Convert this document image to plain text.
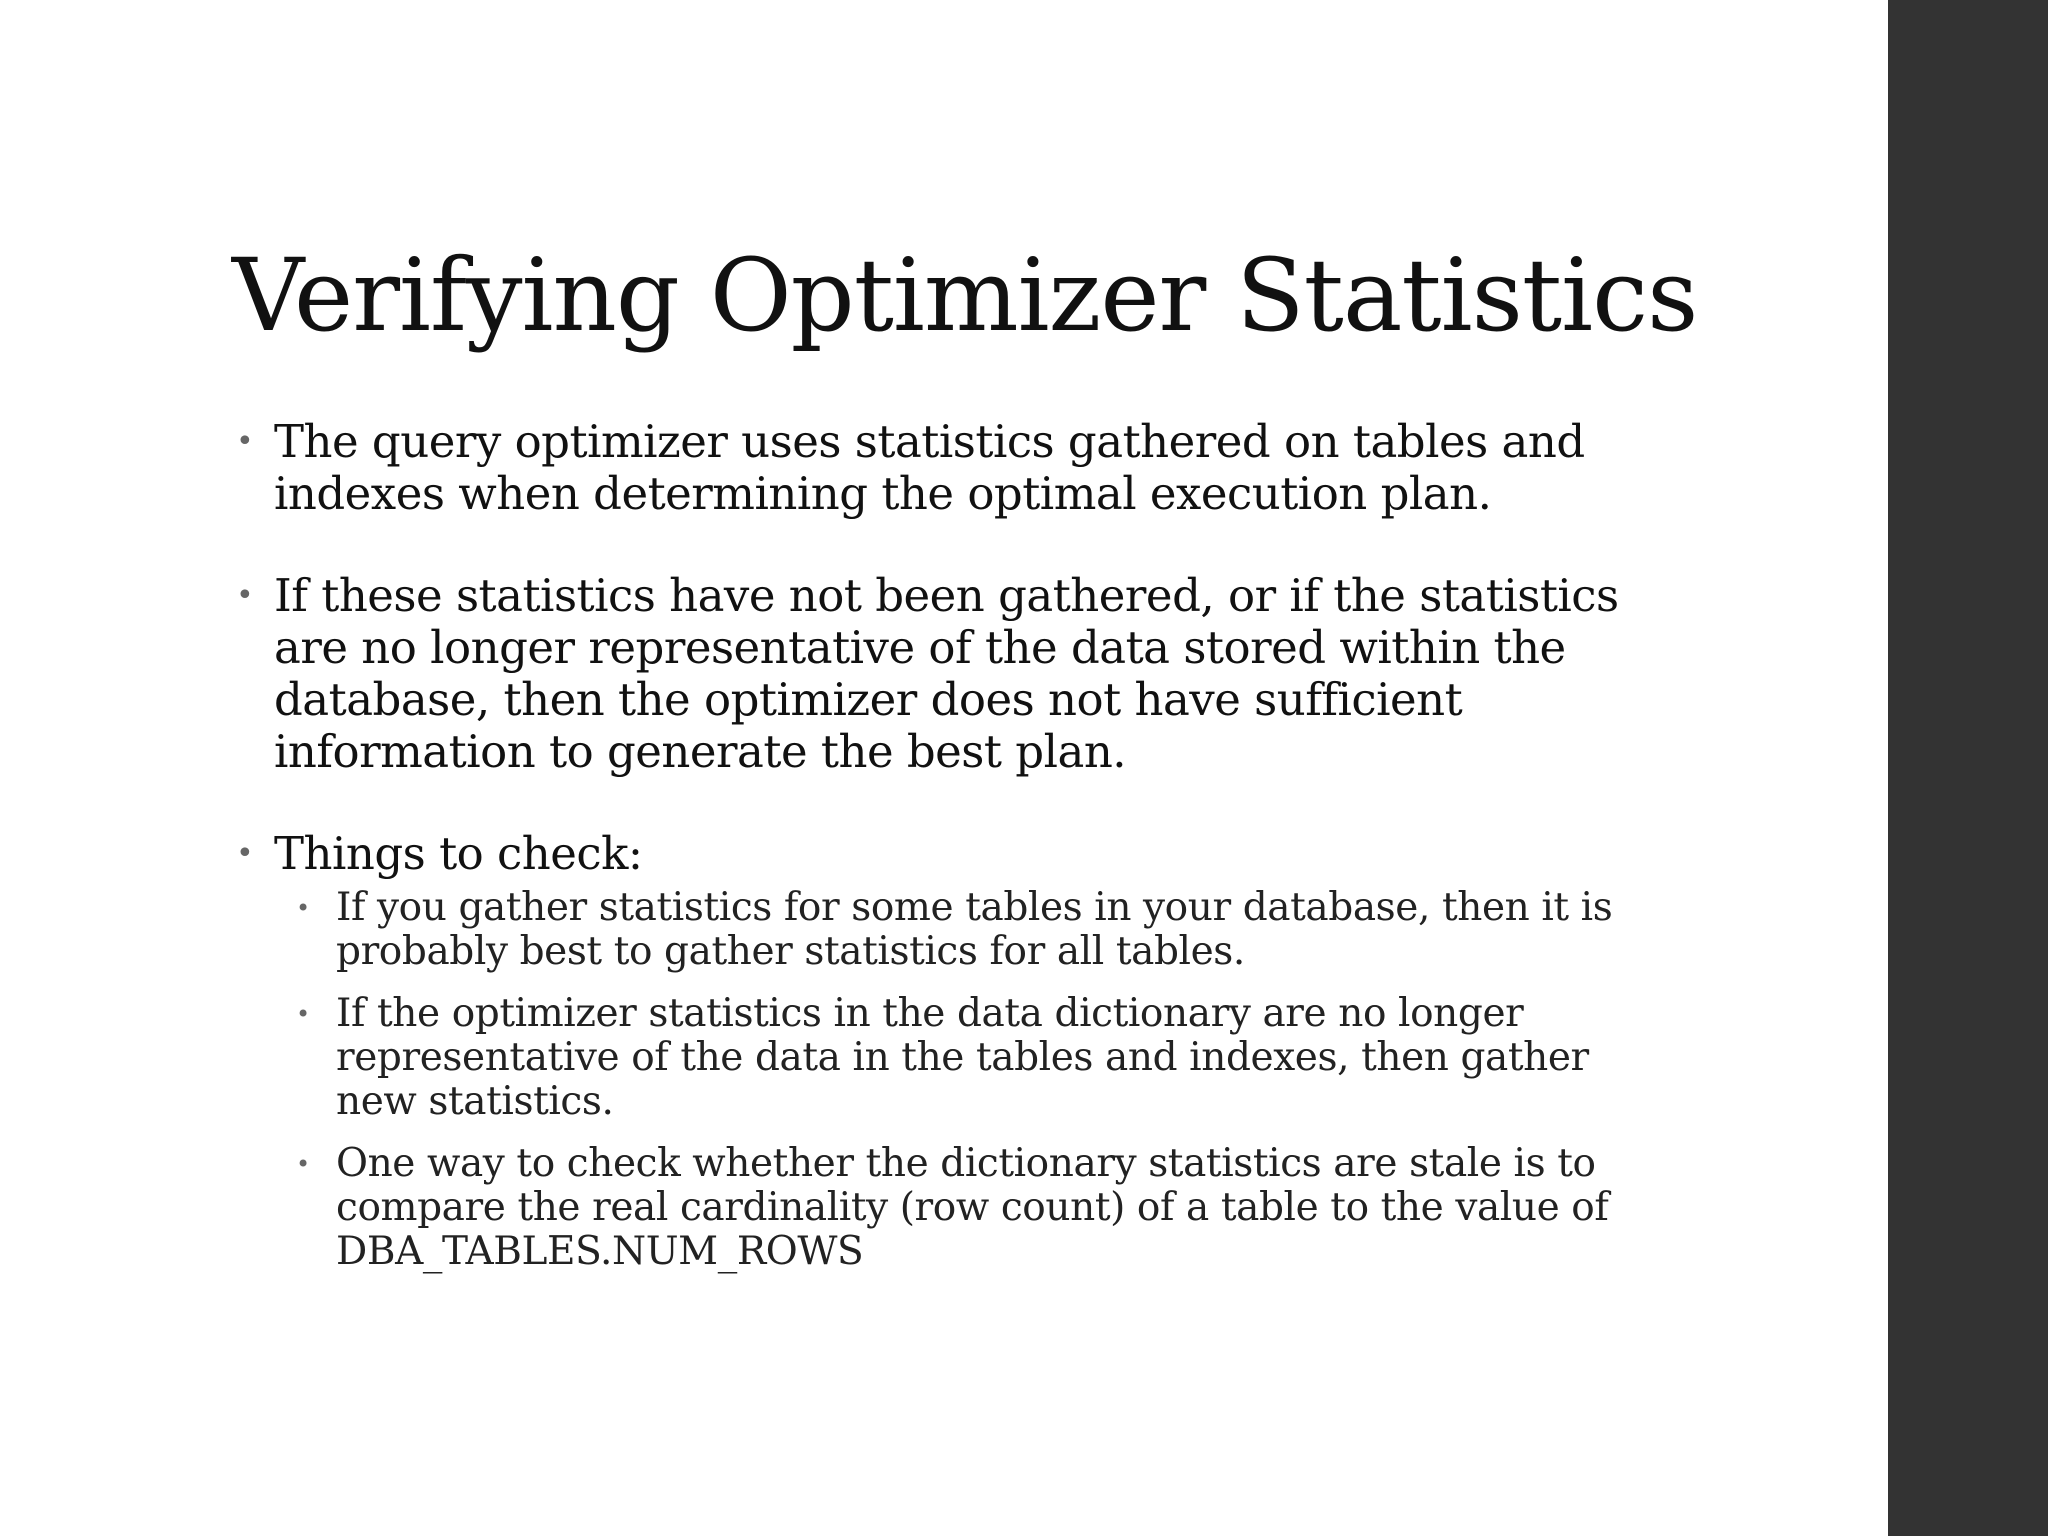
Verifying Optimizer Statistics
• The query optimizer uses statistics gathered on tables and indexes when determining the optimal execution plan.
• If these statistics have not been gathered, or if the statistics are no longer representative of the data stored within the database, then the optimizer does not have sufficient information to generate the best plan.
• Things to check:
• If you gather statistics for some tables in your database, then it is probably best to gather statistics for all tables.
• If the optimizer statistics in the data dictionary are no longer representative of the data in the tables and indexes, then gather new statistics.
• One way to check whether the dictionary statistics are stale is to compare the real cardinality (row count) of a table to the value of DBA_TABLES.NUM_ROWS
